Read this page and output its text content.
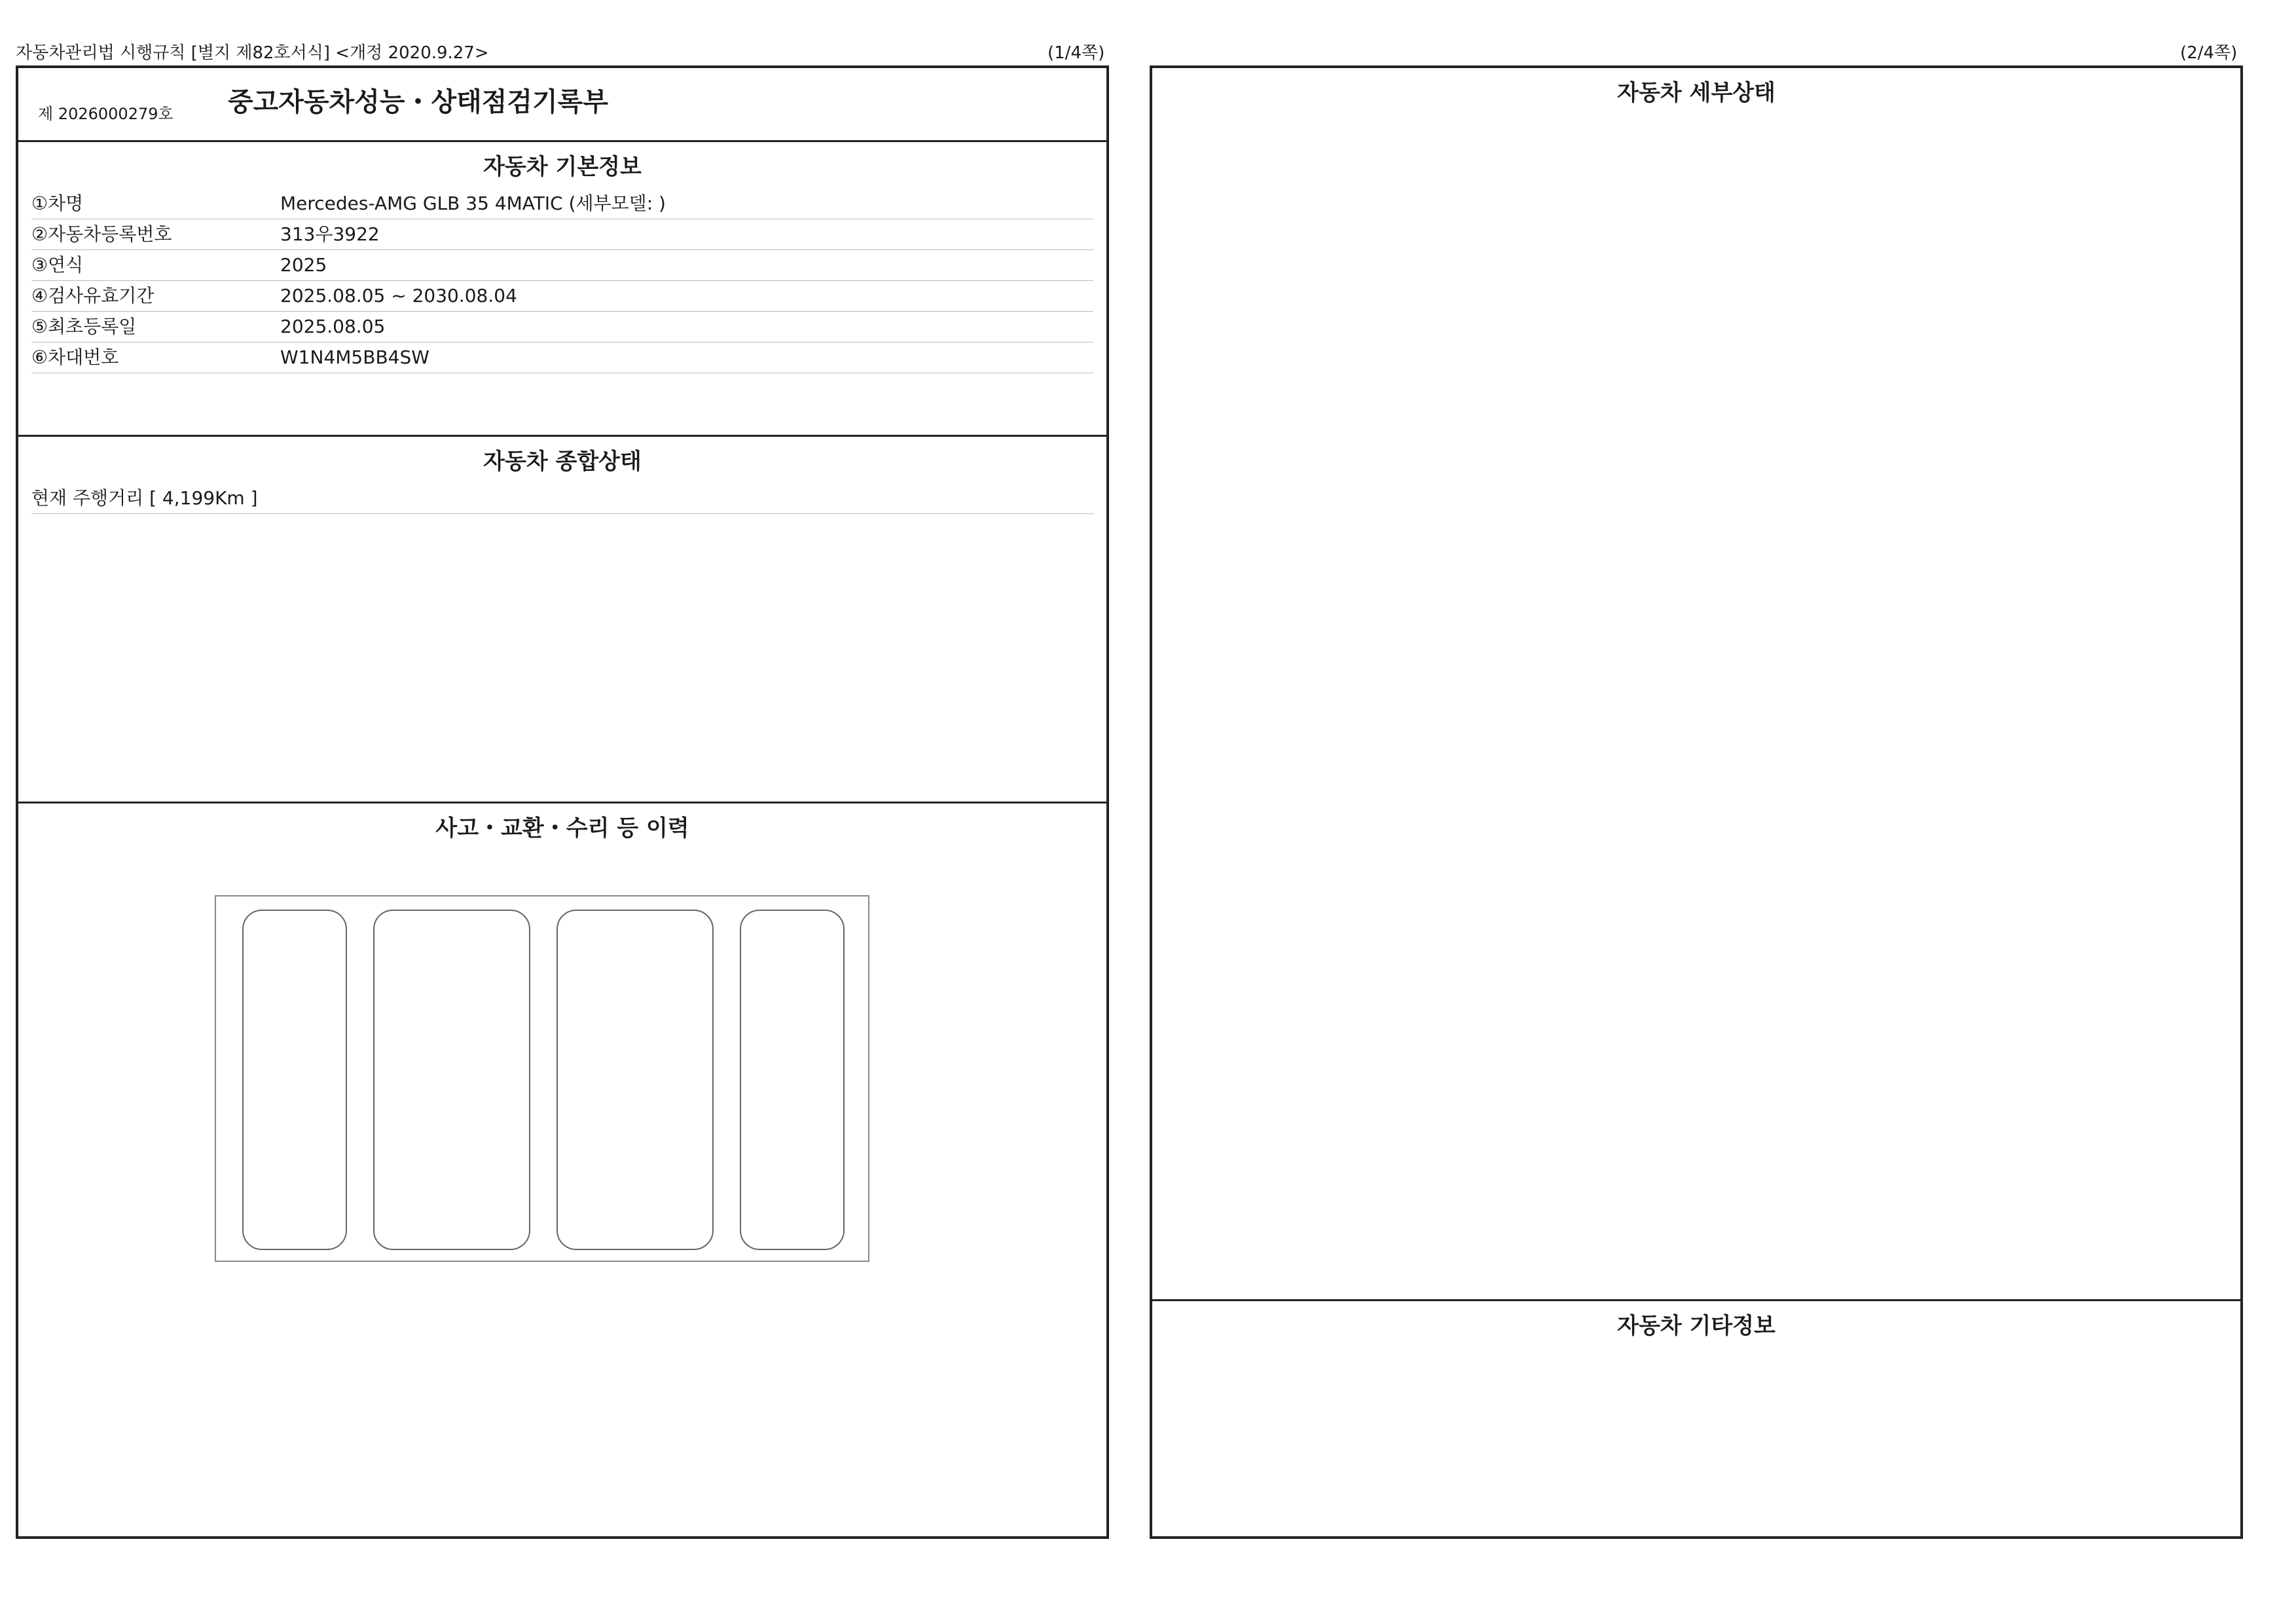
자동차관리법 시행규칙 [별지 제82호서식] <개정 2020.9.27>	(1/4쪽)	(2/4쪽)
제 2026000279호 중고자동차성능・상태점검기록부
자동차 기본정보
①차명	Mercedes-AMG GLB 35 4MATIC (세부모델: )
②자동차등록번호	313우3922
③연식	2025
④검사유효기간	2025.08.05 ~ 2030.08.04
⑤최초등록일	2025.08.05
⑥차대번호	W1N4M5BB4SW
자동차 종합상태
현재 주행거리 [ 4,199Km ]
사고・교환・수리 등 이력
자동차 세부상태
자동차 기타정보
